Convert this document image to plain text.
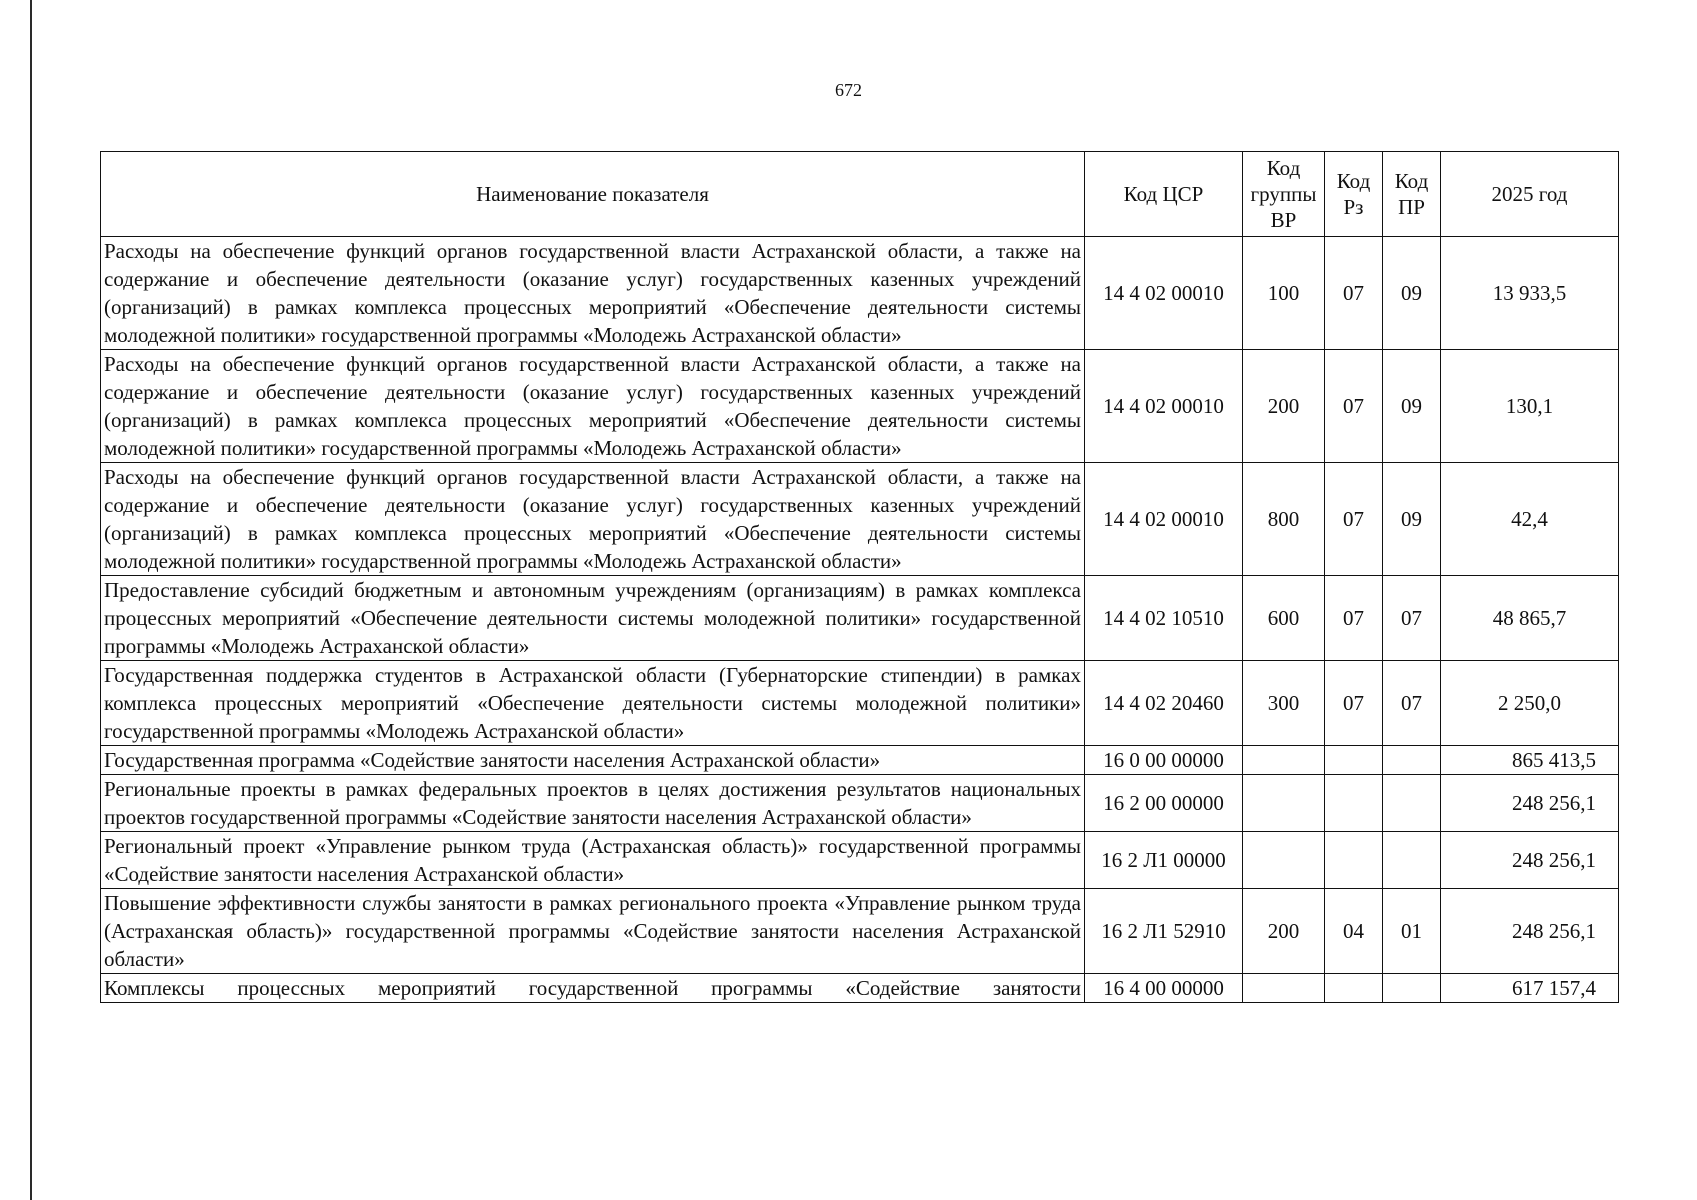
672
Наименование показателя	Код ЦСР	Код группы ВР	Код Рз	Код ПР	2025 год
Расходы на обеспечение функций органов государственной власти Астраханской области, а также на содержание и обеспечение деятельности (оказание услуг) государственных казенных учреждений (организаций) в рамках комплекса процессных мероприятий «Обеспечение деятельности системы молодежной политики» государственной программы «Молодежь Астраханской области»	14 4 02 00010	100	07	09	13 933,5
Расходы на обеспечение функций органов государственной власти Астраханской области, а также на содержание и обеспечение деятельности (оказание услуг) государственных казенных учреждений (организаций) в рамках комплекса процессных мероприятий «Обеспечение деятельности системы молодежной политики» государственной программы «Молодежь Астраханской области»	14 4 02 00010	200	07	09	130,1
Расходы на обеспечение функций органов государственной власти Астраханской области, а также на содержание и обеспечение деятельности (оказание услуг) государственных казенных учреждений (организаций) в рамках комплекса процессных мероприятий «Обеспечение деятельности системы молодежной политики» государственной программы «Молодежь Астраханской области»	14 4 02 00010	800	07	09	42,4
Предоставление субсидий бюджетным и автономным учреждениям (организациям) в рамках комплекса процессных мероприятий «Обеспечение деятельности системы молодежной политики» государственной программы «Молодежь Астраханской области»	14 4 02 10510	600	07	07	48 865,7
Государственная поддержка студентов в Астраханской области (Губернаторские стипендии) в рамках комплекса процессных мероприятий «Обеспечение деятельности системы молодежной политики» государственной программы «Молодежь Астраханской области»	14 4 02 20460	300	07	07	2 250,0
Государственная программа «Содействие занятости населения Астраханской области»	16 0 00 00000				865 413,5
Региональные проекты в рамках федеральных проектов в целях достижения результатов национальных проектов государственной программы «Содействие занятости населения Астраханской области»	16 2 00 00000				248 256,1
Региональный проект «Управление рынком труда (Астраханская область)» государственной программы «Содействие занятости населения Астраханской области»	16 2 Л1 00000				248 256,1
Повышение эффективности службы занятости в рамках регионального проекта «Управление рынком труда (Астраханская область)» государственной программы «Содействие занятости населения Астраханской области»	16 2 Л1 52910	200	04	01	248 256,1
Комплексы процессных мероприятий государственной программы «Содействие занятости	16 4 00 00000				617 157,4
